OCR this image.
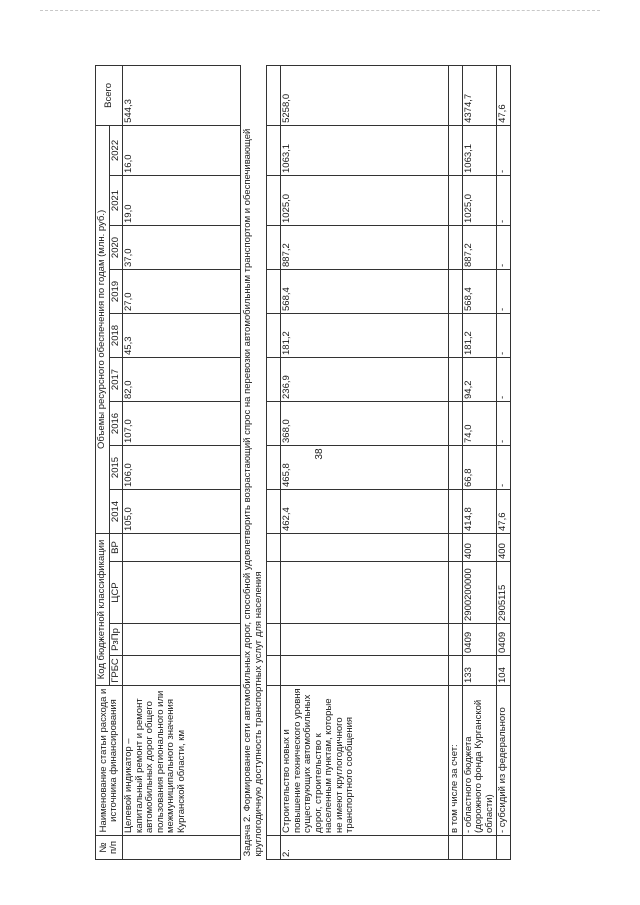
38
№ п/п	Наименование статьи расхода и источника финансирования	Код бюджетной классификации				Объемы ресурсного обеспечения по годам (млн. руб.)									Всего
		ГРБС	РзПр	ЦСР	ВР	2014	2015	2016	2017	2018	2019	2020	2021	2022	
	Целевой индикатор – капитальный ремонт и ремонт автомобильных дорог общего пользования регионального или межмуниципального значения Курганской области, км					105,0	106,0	107,0	82,0	45,3	27,0	37,0	19,0	16,0	544,3
Задача 2. Формирование сети автомобильных дорог, способной удовлетворить возрастающий спрос на перевозки автомобильным транспортом и обеспечивающей круглогодичную доступность транспортных услуг для населения															

2.	Строительство новых и повышение технического уровня существующих автомобильных дорог, строительство к населенным пунктам, которые не имеют круглогодичного транспортного сообщения					462,4	465,8	368,0	236,9	181,2	568,4	887,2	1025,0	1063,1	5258,0
	в том числе за счет:														
	- областного бюджета (дорожного фонда Курганской области)	133	0409	2900200000	400	414,8	66,8	74,0	94,2	181,2	568,4	887,2	1025,0	1063,1	4374,7
	- субсидий из федерального	104	0409	2905115	400	47,6	-	-	-	-	-	-	-	-	47,6
